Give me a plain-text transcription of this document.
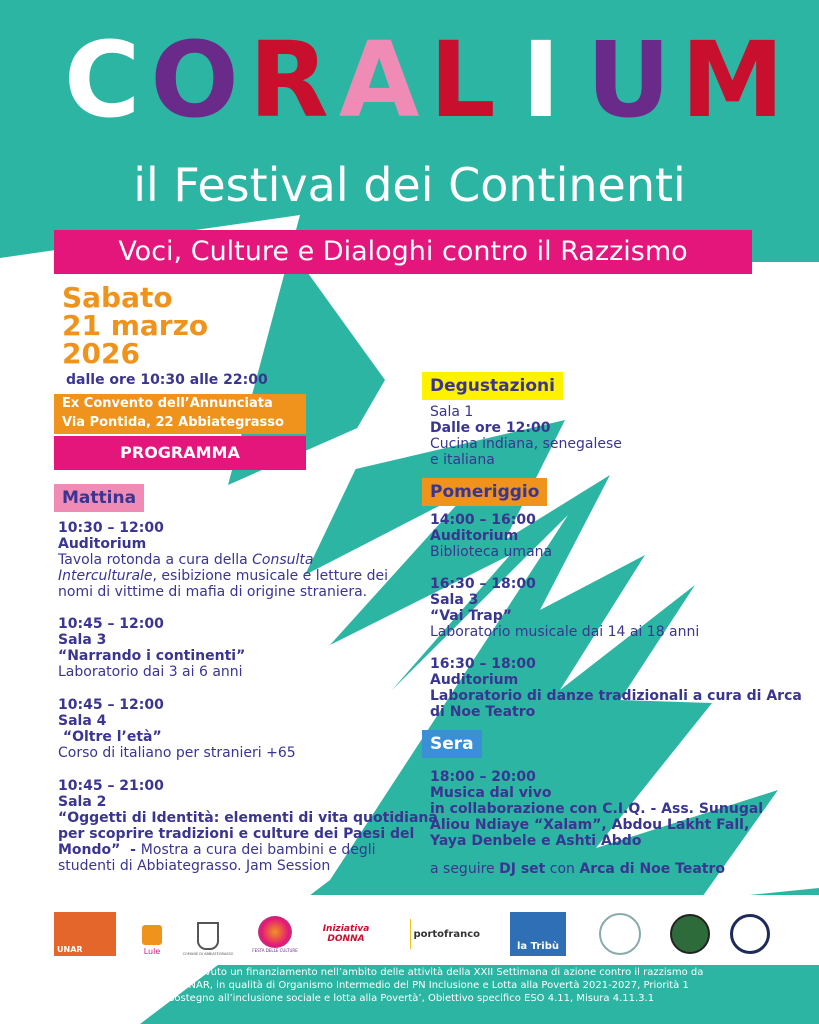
CORAL I UM
il Festival dei Continenti
Voci, Culture e Dialoghi contro il Razzismo
Sabato
21 marzo
2026
dalle ore 10:30 alle 22:00
Ex Convento dell’Annunciata
Via Pontida, 22 Abbiategrasso
PROGRAMMA
CONCERTI, LABORATORI, TAVOLA ROTONDA
INTERCULTURALE, CIBO E ASSAGGI DAL MONDO,
DANZE POPOLARI, BIBLIOTECA UMANA, ARTE
ED ESPERIENZE CONTRO IL RAZZISMO.
Mattina
10:30 – 12:00
Auditorium
Tavola rotonda a cura della Consulta
Interculturale, esibizione musicale e letture dei
nomi di vittime di mafia di origine straniera.
10:45 – 12:00
Sala 3
“Narrando i continenti”
Laboratorio dai 3 ai 6 anni
10:45 – 12:00
Sala 4
“Oltre l’età”
Corso di italiano per stranieri +65
10:45 – 21:00
Sala 2
“Oggetti di Identità: elementi di vita quotidiana
per scoprire tradizioni e culture dei Paesi del
Mondo”  - Mostra a cura dei bambini e degli
studenti di Abbiategrasso. Jam Session
Degustazioni
Sala 1
Dalle ore 12:00
Cucina indiana, senegalese
e italiana
Pomeriggio
14:00 – 16:00
Auditorium
Biblioteca umana
16:30 – 18:00
Sala 3
“Vai Trap”
Laboratorio musicale dai 14 ai 18 anni
16:30 – 18:00
Auditorium
Laboratorio di danze tradizionali a cura di Arca
di Noe Teatro
Sera
18:00 – 20:00
Musica dal vivo
in collaborazione con C.I.Q. - Ass. Sunugal
Aliou Ndiaye “Xalam”, Abdou Lakht Fall,
Yaya Denbele e Ashti Abdo
a seguire DJ set con Arca di Noe Teatro
UNAR	Lule	COMUNE DI ABBIATEGRASSO
FESTA DELLE CULTURE
Iniziativa DONNA	portofranco
la Tribù
Il progetto ha ricevuto un finanziamento nell’ambito delle attività della XXII Settimana di azione contro il razzismo da
parte dell’UNAR, in qualità di Organismo Intermedio del PN Inclusione e Lotta alla Povertà 2021-2027, Priorità 1
‘Sostegno all’inclusione sociale e lotta alla Povertà’, Obiettivo specifico ESO 4.11, Misura 4.11.3.1
